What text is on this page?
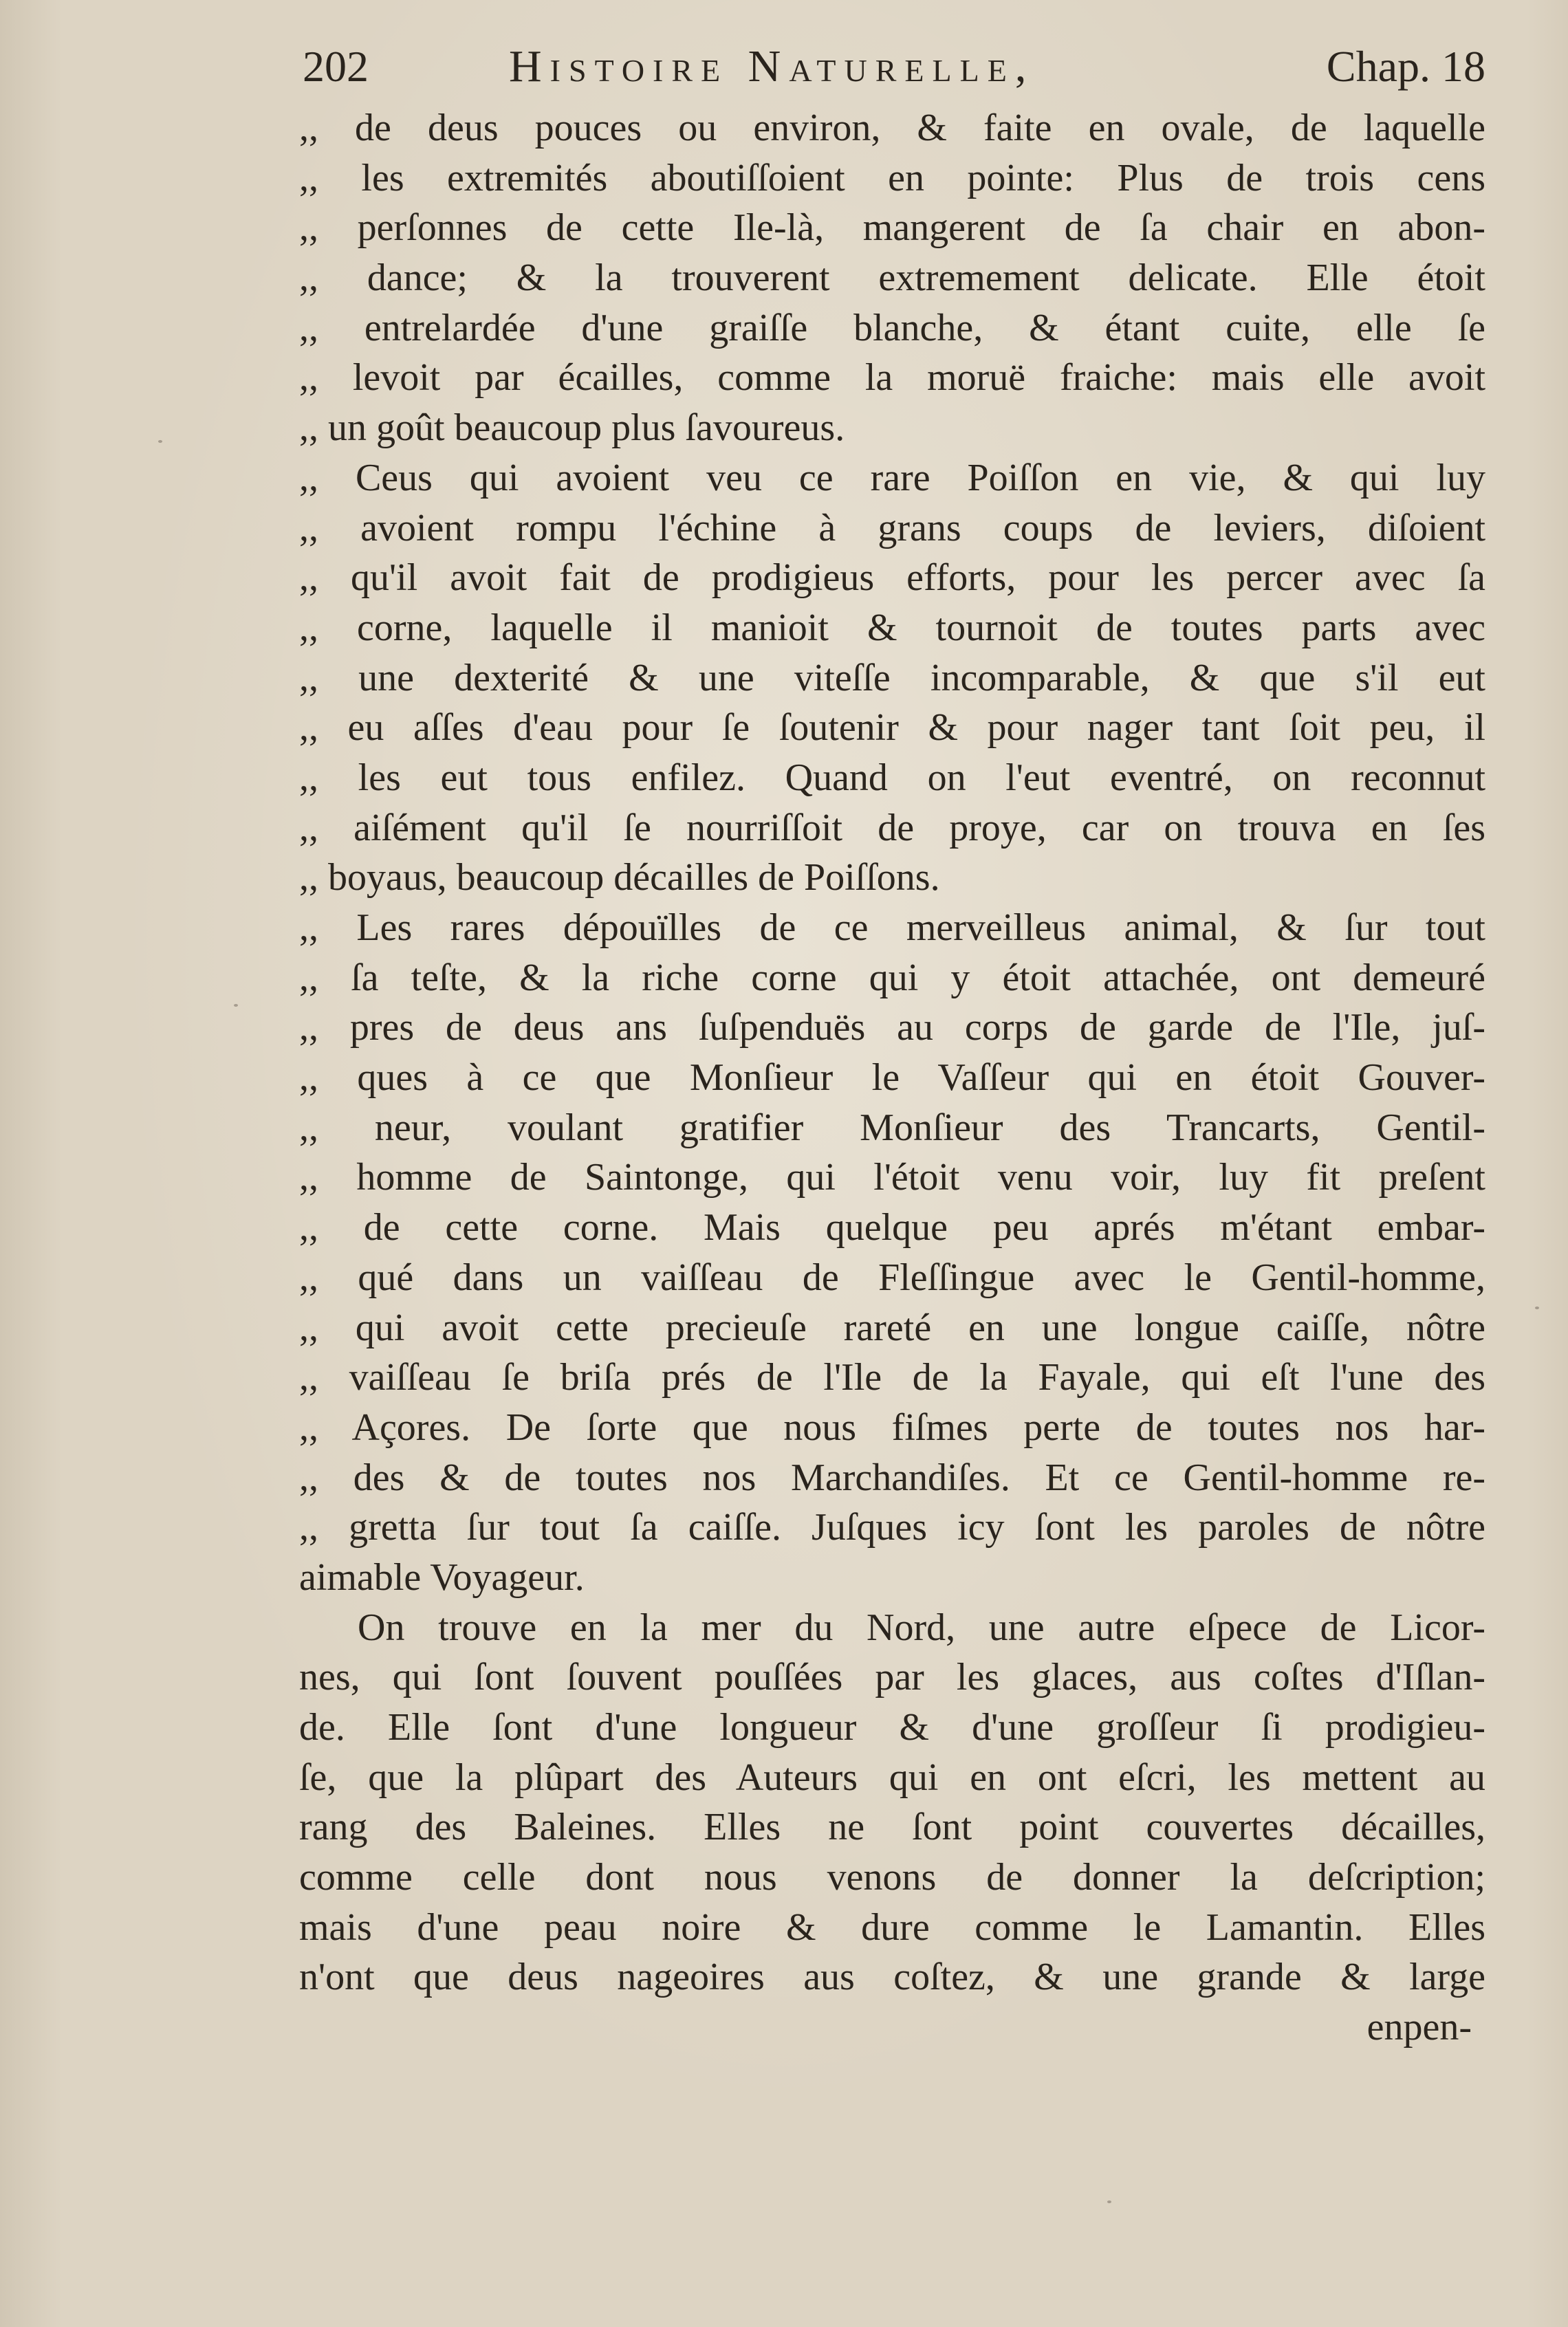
202	Histoire Naturelle,	Chap. 18
,, de deus pouces ou environ, & faite en ovale, de laquelle
,, les extremités aboutiſſoient en pointe: Plus de trois cens
,, perſonnes de cette Ile-là, mangerent de ſa chair en abon-
,, dance; & la trouverent extremement delicate. Elle étoit
,, entrelardée d'une graiſſe blanche, & étant cuite, elle ſe
,, levoit par écailles, comme la moruë fraiche: mais elle avoit
,, un goût beaucoup plus ſavoureus.
,, Ceus qui avoient veu ce rare Poiſſon en vie, & qui luy
,, avoient rompu l'échine à grans coups de leviers, diſoient
,, qu'il avoit fait de prodigieus efforts, pour les percer avec ſa
,, corne, laquelle il manioit & tournoit de toutes parts avec
,, une dexterité & une viteſſe incomparable, & que s'il eut
,, eu aſſes d'eau pour ſe ſoutenir & pour nager tant ſoit peu, il
,, les eut tous enfilez. Quand on l'eut eventré, on reconnut
,, aiſément qu'il ſe nourriſſoit de proye, car on trouva en ſes
,, boyaus, beaucoup décailles de Poiſſons.
,, Les rares dépouïlles de ce merveilleus animal, & ſur tout
,, ſa teſte, & la riche corne qui y étoit attachée, ont demeuré
,, pres de deus ans ſuſpenduës au corps de garde de l'Ile, juſ-
,, ques à ce que Monſieur le Vaſſeur qui en étoit Gouver-
,, neur, voulant gratifier Monſieur des Trancarts, Gentil-
,, homme de Saintonge, qui l'étoit venu voir, luy fit preſent
,, de cette corne. Mais quelque peu aprés m'étant embar-
,, qué dans un vaiſſeau de Fleſſingue avec le Gentil-homme,
,, qui avoit cette precieuſe rareté en une longue caiſſe, nôtre
,, vaiſſeau ſe briſa prés de l'Ile de la Fayale, qui eſt l'une des
,, Açores. De ſorte que nous fiſmes perte de toutes nos har-
,, des & de toutes nos Marchandiſes. Et ce Gentil-homme re-
,, gretta ſur tout ſa caiſſe. Juſques icy ſont les paroles de nôtre
aimable Voyageur.
On trouve en la mer du Nord, une autre eſpece de Licor-
nes, qui ſont ſouvent pouſſées par les glaces, aus coſtes d'Iſlan-
de. Elle ſont d'une longueur & d'une groſſeur ſi prodigieu-
ſe, que la plûpart des Auteurs qui en ont eſcri, les mettent au
rang des Baleines. Elles ne ſont point couvertes décailles,
comme celle dont nous venons de donner la deſcription;
mais d'une peau noire & dure comme le Lamantin. Elles
n'ont que deus nageoires aus coſtez, & une grande & large
enpen-
